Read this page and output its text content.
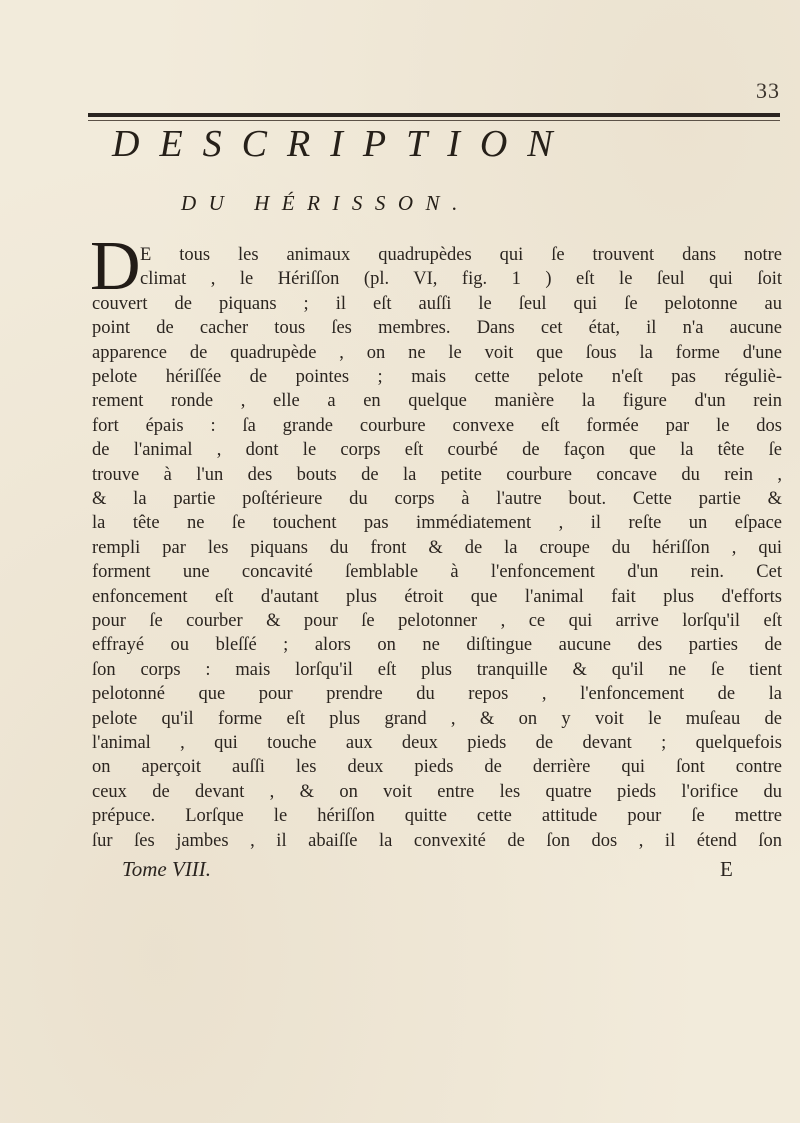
33
DESCRIPTION
DU HÉRISSON.
D E tous les animaux quadrupèdes qui ſe trouvent dans notre
climat , le Hériſſon (pl. VI, fig. 1 ) eſt le ſeul qui ſoit
couvert de piquans ; il eſt auſſi le ſeul qui ſe pelotonne au
point de cacher tous ſes membres. Dans cet état, il n'a aucune
apparence de quadrupède , on ne le voit que ſous la forme d'une
pelote hériſſée de pointes ; mais cette pelote n'eſt pas réguliè-
rement ronde , elle a en quelque manière la figure d'un rein
fort épais : ſa grande courbure convexe eſt formée par le dos
de l'animal , dont le corps eſt courbé de façon que la tête ſe
trouve à l'un des bouts de la petite courbure concave du rein ,
& la partie poſtérieure du corps à l'autre bout. Cette partie &
la tête ne ſe touchent pas immédiatement , il reſte un eſpace
rempli par les piquans du front & de la croupe du hériſſon , qui
forment une concavité ſemblable à l'enfoncement d'un rein. Cet
enfoncement eſt d'autant plus étroit que l'animal fait plus d'efforts
pour ſe courber & pour ſe pelotonner , ce qui arrive lorſqu'il eſt
effrayé ou bleſſé ; alors on ne diſtingue aucune des parties de
ſon corps : mais lorſqu'il eſt plus tranquille & qu'il ne ſe tient
pelotonné que pour prendre du repos , l'enfoncement de la
pelote qu'il forme eſt plus grand , & on y voit le muſeau de
l'animal , qui touche aux deux pieds de devant ; quelquefois
on aperçoit auſſi les deux pieds de derrière qui ſont contre
ceux de devant , & on voit entre les quatre pieds l'orifice du
prépuce. Lorſque le hériſſon quitte cette attitude pour ſe mettre
ſur ſes jambes , il abaiſſe la convexité de ſon dos , il étend ſon
Tome VIII.	E
